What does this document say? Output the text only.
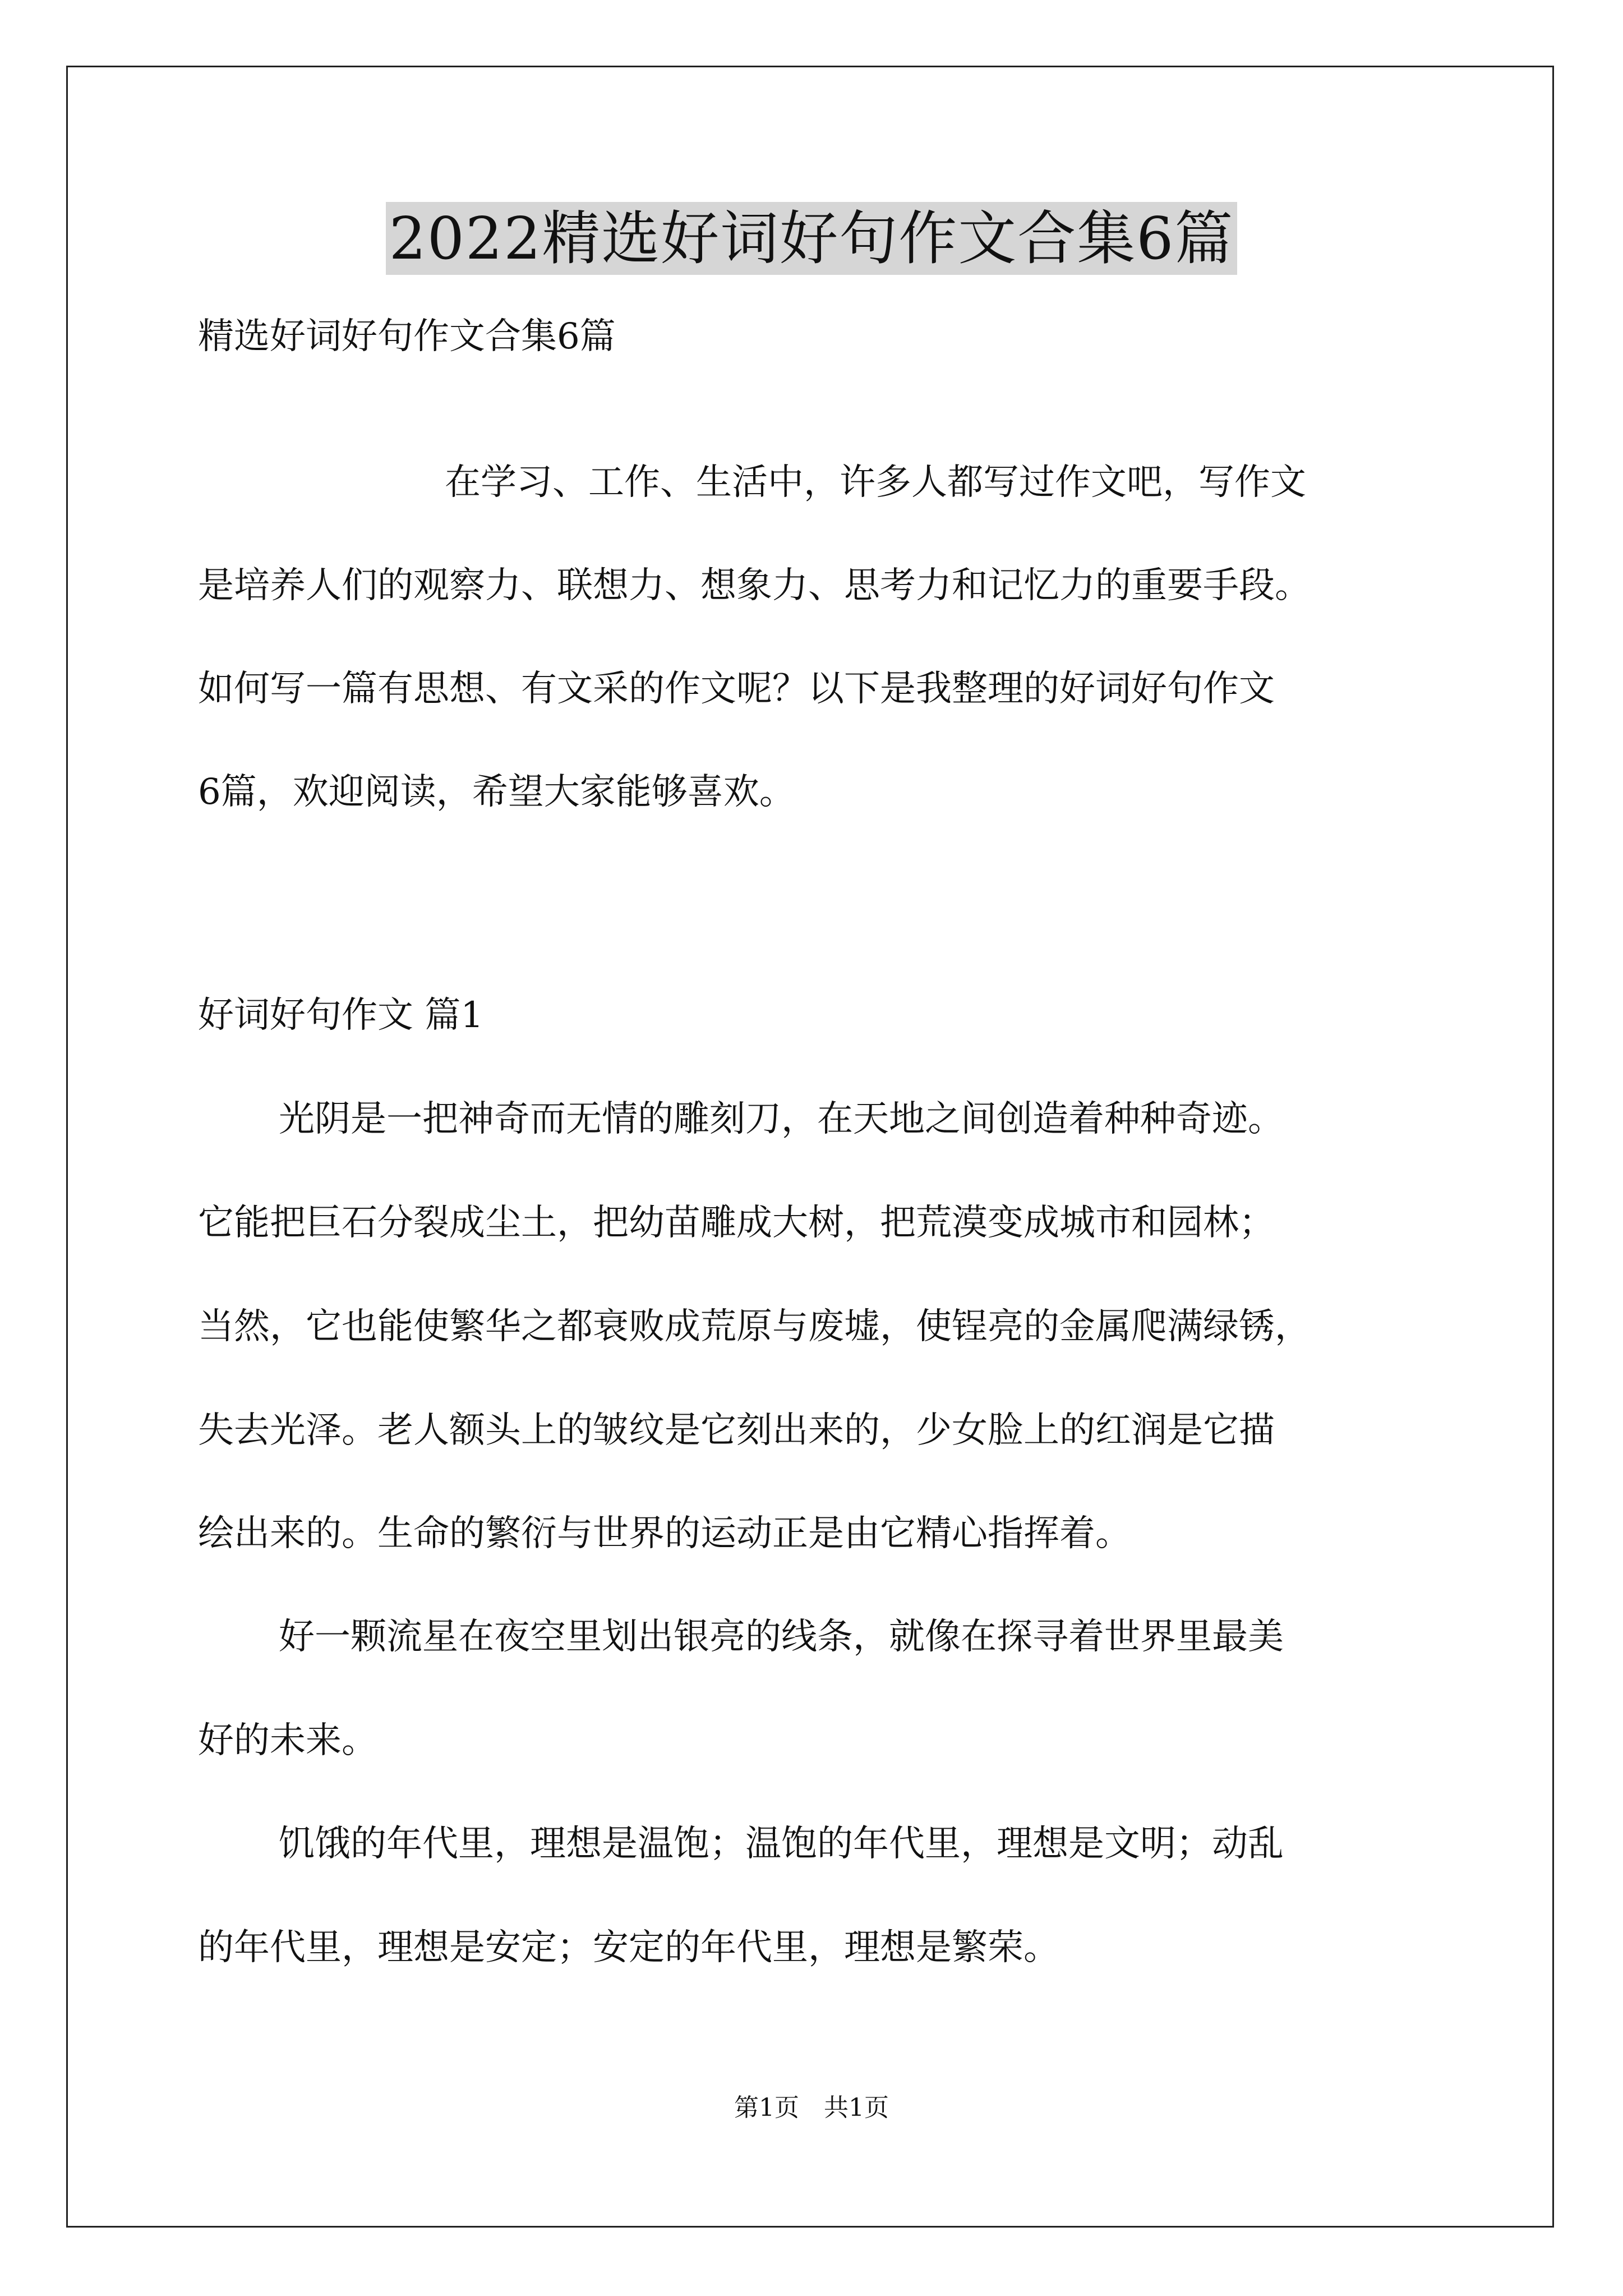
2022精选好词好句作文合集6篇
精选好词好句作文合集6篇
在学习、工作、生活中，许多人都写过作文吧，写作文
是培养人们的观察力、联想力、想象力、思考力和记忆力的重要手段。
如何写一篇有思想、有文采的作文呢？以下是我整理的好词好句作文
6篇，欢迎阅读，希望大家能够喜欢。
好词好句作文 篇1
光阴是一把神奇而无情的雕刻刀，在天地之间创造着种种奇迹。
它能把巨石分裂成尘土，把幼苗雕成大树，把荒漠变成城市和园林；
当然，它也能使繁华之都衰败成荒原与废墟，使锃亮的金属爬满绿锈，
失去光泽。老人额头上的皱纹是它刻出来的，少女脸上的红润是它描
绘出来的。生命的繁衍与世界的运动正是由它精心指挥着。
好一颗流星在夜空里划出银亮的线条，就像在探寻着世界里最美
好的未来。
饥饿的年代里，理想是温饱；温饱的年代里，理想是文明；动乱
的年代里，理想是安定；安定的年代里，理想是繁荣。
第1页　共1页
